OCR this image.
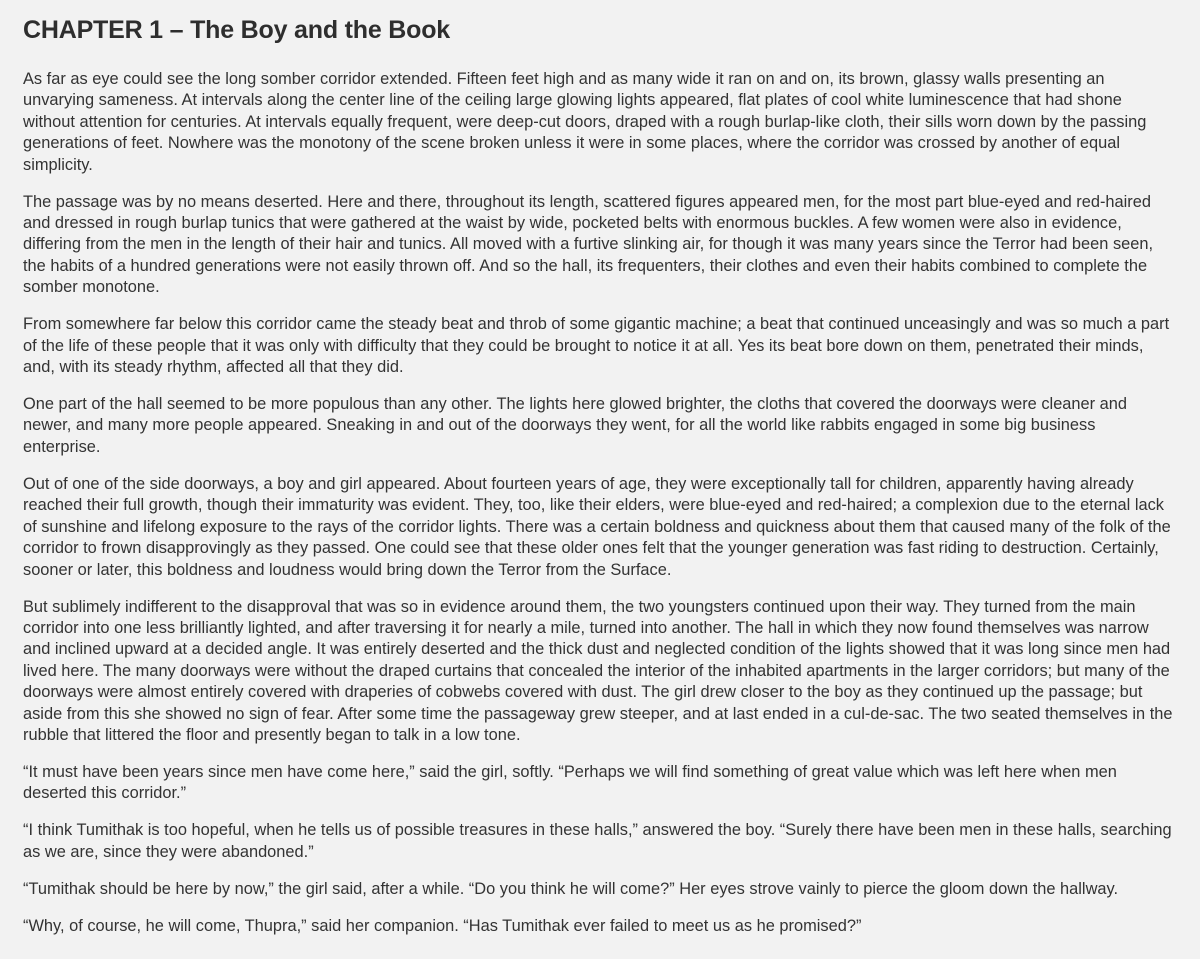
CHAPTER 1 – The Boy and the Book

As far as eye could see the long somber corridor extended. Fifteen feet high and as many wide it ran on and on, its brown, glassy walls presenting an unvarying sameness. At intervals along the center line of the ceiling large glowing lights appeared, flat plates of cool white luminescence that had shone without attention for centuries. At intervals equally frequent, were deep-cut doors, draped with a rough burlap-like cloth, their sills worn down by the passing generations of feet. Nowhere was the monotony of the scene broken unless it were in some places, where the corridor was crossed by another of equal simplicity.

The passage was by no means deserted. Here and there, throughout its length, scattered figures appeared men, for the most part blue-eyed and red-haired and dressed in rough burlap tunics that were gathered at the waist by wide, pocketed belts with enormous buckles. A few women were also in evidence, differing from the men in the length of their hair and tunics. All moved with a furtive slinking air, for though it was many years since the Terror had been seen, the habits of a hundred generations were not easily thrown off. And so the hall, its frequenters, their clothes and even their habits combined to complete the somber monotone.

From somewhere far below this corridor came the steady beat and throb of some gigantic machine; a beat that continued unceasingly and was so much a part of the life of these people that it was only with difficulty that they could be brought to notice it at all. Yes its beat bore down on them, penetrated their minds, and, with its steady rhythm, affected all that they did.

One part of the hall seemed to be more populous than any other. The lights here glowed brighter, the cloths that covered the doorways were cleaner and newer, and many more people appeared. Sneaking in and out of the doorways they went, for all the world like rabbits engaged in some big business enterprise.

Out of one of the side doorways, a boy and girl appeared. About fourteen years of age, they were exceptionally tall for children, apparently having already reached their full growth, though their immaturity was evident. They, too, like their elders, were blue-eyed and red-haired; a complexion due to the eternal lack of sunshine and lifelong exposure to the rays of the corridor lights. There was a certain boldness and quickness about them that caused many of the folk of the corridor to frown disapprovingly as they passed. One could see that these older ones felt that the younger generation was fast riding to destruction. Certainly, sooner or later, this boldness and loudness would bring down the Terror from the Surface.

But sublimely indifferent to the disapproval that was so in evidence around them, the two youngsters continued upon their way. They turned from the main corridor into one less brilliantly lighted, and after traversing it for nearly a mile, turned into another. The hall in which they now found themselves was narrow and inclined upward at a decided angle. It was entirely deserted and the thick dust and neglected condition of the lights showed that it was long since men had lived here. The many doorways were without the draped curtains that concealed the interior of the inhabited apartments in the larger corridors; but many of the doorways were almost entirely covered with draperies of cobwebs covered with dust. The girl drew closer to the boy as they continued up the passage; but aside from this she showed no sign of fear. After some time the passageway grew steeper, and at last ended in a cul-de-sac. The two seated themselves in the rubble that littered the floor and presently began to talk in a low tone.

“It must have been years since men have come here,” said the girl, softly. “Perhaps we will find something of great value which was left here when men deserted this corridor.”

“I think Tumithak is too hopeful, when he tells us of possible treasures in these halls,” answered the boy. “Surely there have been men in these halls, searching as we are, since they were abandoned.”

“Tumithak should be here by now,” the girl said, after a while. “Do you think he will come?” Her eyes strove vainly to pierce the gloom down the hallway.

“Why, of course, he will come, Thupra,” said her companion. “Has Tumithak ever failed to meet us as he promised?”
